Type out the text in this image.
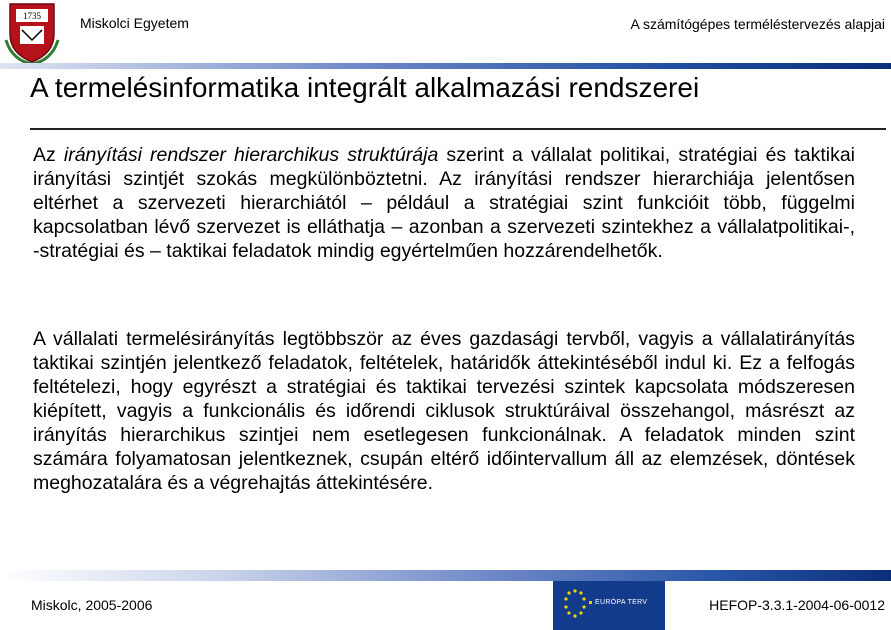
1735	Miskolci Egyetem	A számítógépes terméléstervezés alapjai
A termelésinformatika integrált alkalmazási rendszerei

Az irányítási rendszer hierarchikus struktúrája szerint a vállalat politikai, stratégiai és taktikai irányítási szintjét szokás megkülönböztetni. Az irányítási rendszer hierarchiája jelentősen eltérhet a szervezeti hierarchiától – például a stratégiai szint funkcióit több, függelmi kapcsolatban lévő szervezet is elláthatja – azonban a szervezeti szintekhez a vállalatpolitikai-, -stratégiai és – taktikai feladatok mindig egyértelműen hozzárendelhetők.

A vállalati termelésirányítás legtöbbször az éves gazdasági tervből, vagyis a vállalatirányítás taktikai szintjén jelentkező feladatok, feltételek, határidők áttekintéséből indul ki. Ez a felfogás feltételezi, hogy egyrészt a stratégiai és taktikai tervezési szintek kapcsolata módszeresen kiépített, vagyis a funkcionális és időrendi ciklusok struktúráival összehangol, másrészt az irányítás hierarchikus szintjei nem esetlegesen funkcionálnak. A feladatok minden szint számára folyamatosan jelentkeznek, csupán eltérő időintervallum áll az elemzések, döntések meghozatalára és a végrehajtás áttekintésére.

Miskolc, 2005-2006	EURÓPA TERV	HEFOP-3.3.1-2004-06-0012
